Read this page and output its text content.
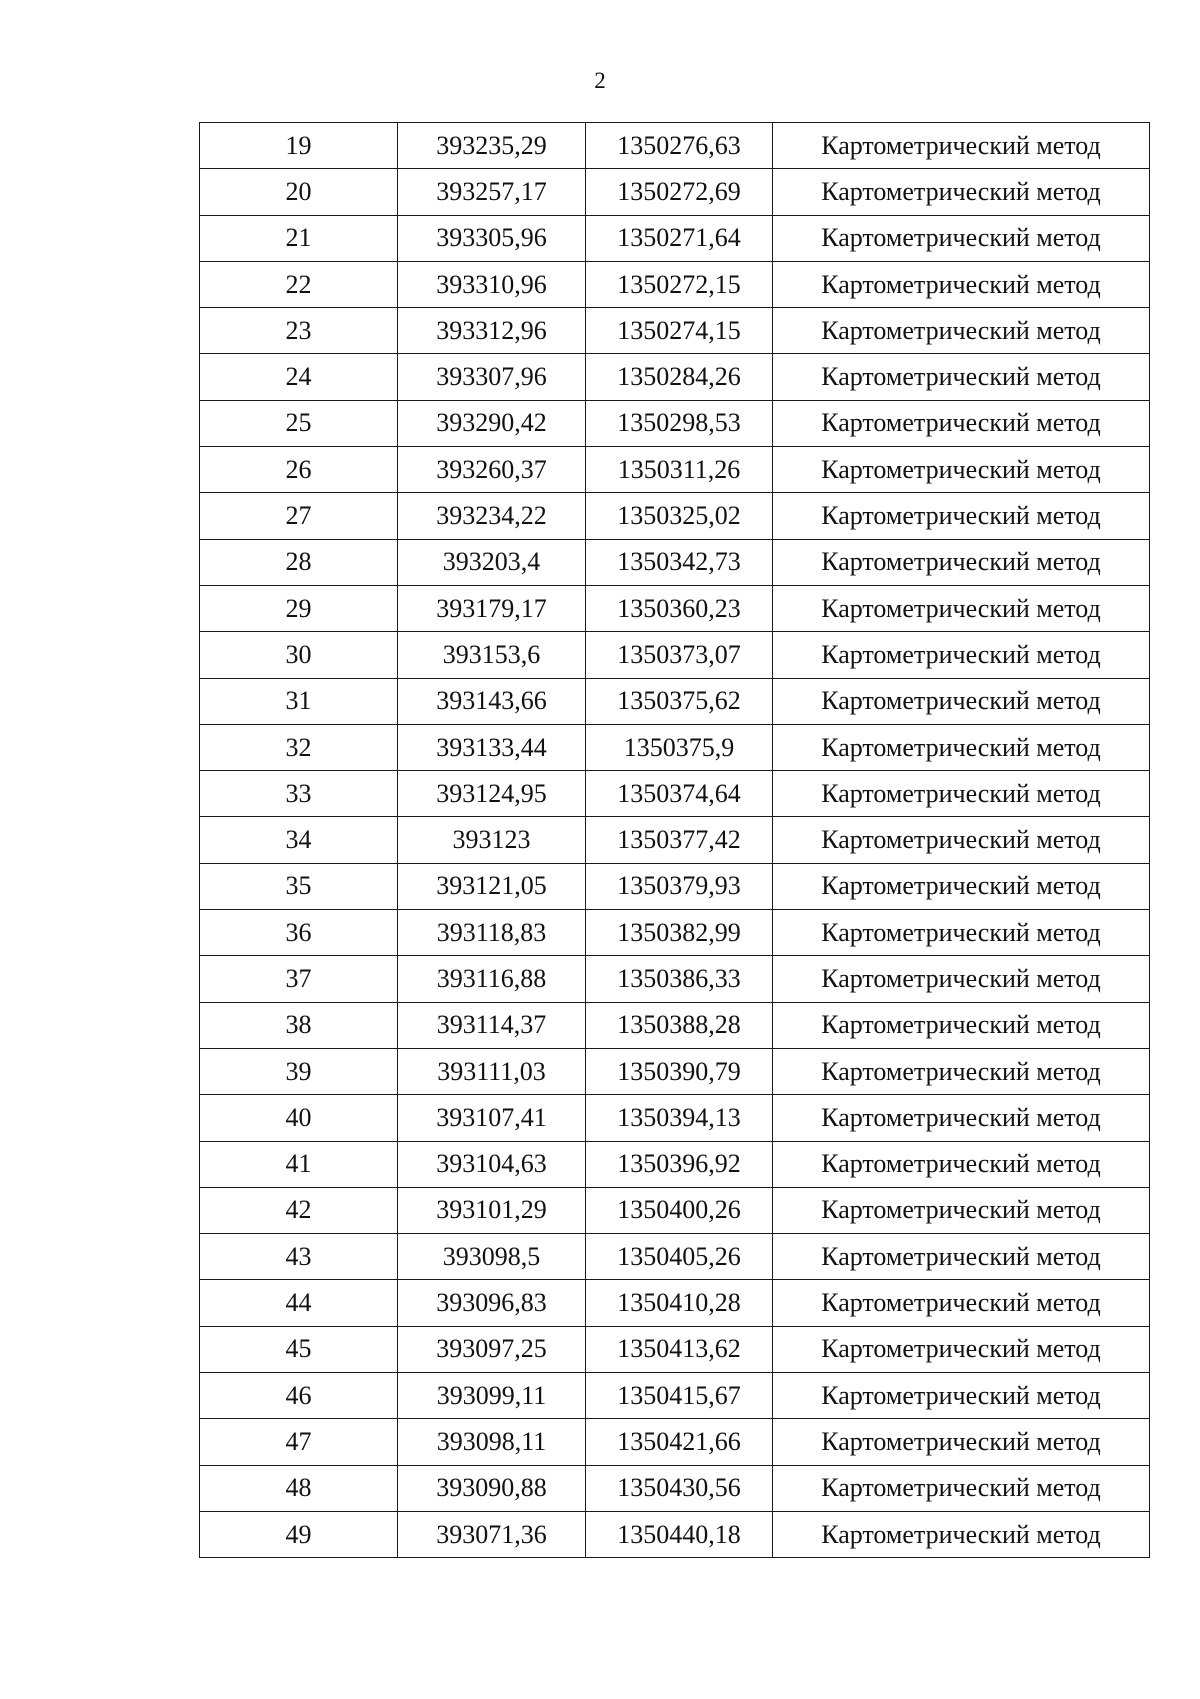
2
19	393235,29	1350276,63	Картометрический метод
20	393257,17	1350272,69	Картометрический метод
21	393305,96	1350271,64	Картометрический метод
22	393310,96	1350272,15	Картометрический метод
23	393312,96	1350274,15	Картометрический метод
24	393307,96	1350284,26	Картометрический метод
25	393290,42	1350298,53	Картометрический метод
26	393260,37	1350311,26	Картометрический метод
27	393234,22	1350325,02	Картометрический метод
28	393203,4	1350342,73	Картометрический метод
29	393179,17	1350360,23	Картометрический метод
30	393153,6	1350373,07	Картометрический метод
31	393143,66	1350375,62	Картометрический метод
32	393133,44	1350375,9	Картометрический метод
33	393124,95	1350374,64	Картометрический метод
34	393123	1350377,42	Картометрический метод
35	393121,05	1350379,93	Картометрический метод
36	393118,83	1350382,99	Картометрический метод
37	393116,88	1350386,33	Картометрический метод
38	393114,37	1350388,28	Картометрический метод
39	393111,03	1350390,79	Картометрический метод
40	393107,41	1350394,13	Картометрический метод
41	393104,63	1350396,92	Картометрический метод
42	393101,29	1350400,26	Картометрический метод
43	393098,5	1350405,26	Картометрический метод
44	393096,83	1350410,28	Картометрический метод
45	393097,25	1350413,62	Картометрический метод
46	393099,11	1350415,67	Картометрический метод
47	393098,11	1350421,66	Картометрический метод
48	393090,88	1350430,56	Картометрический метод
49	393071,36	1350440,18	Картометрический метод
